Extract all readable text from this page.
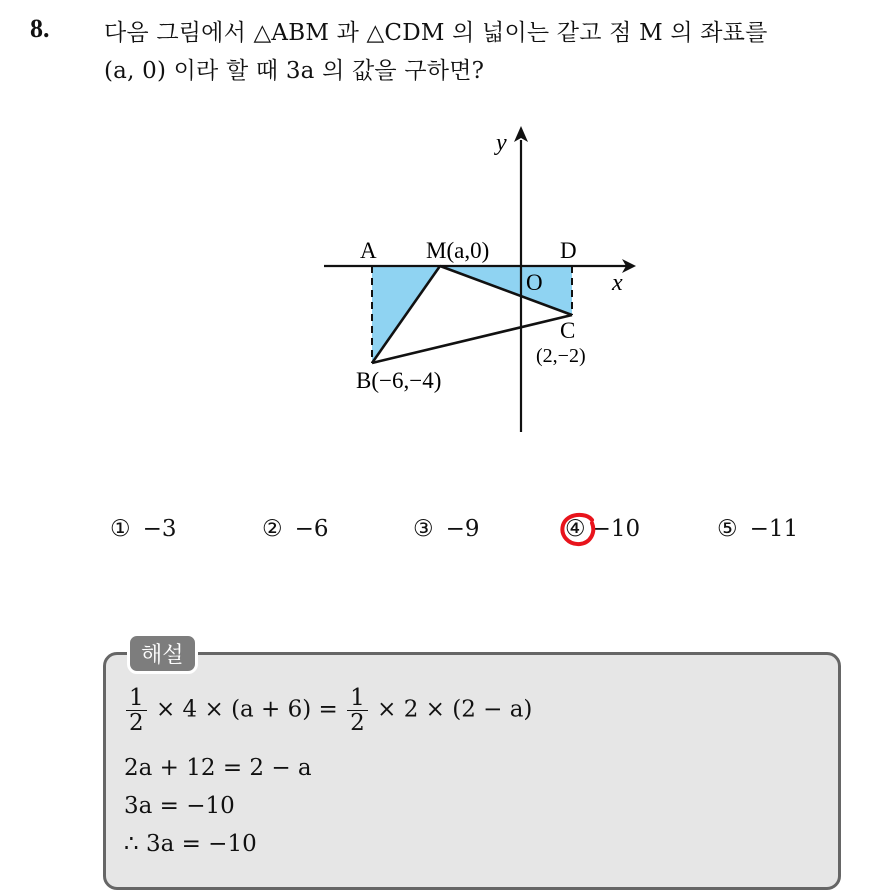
8. 다음 그림에서 △ABM 과 △CDM 의 넓이는 같고 점 M 의 좌표를
(a, 0) 이라 할 때 3a 의 값을 구하면?
y
x
A M(a,0)	D
O
C
(2,−2)
B(−6,−4)
① −3	② −6	③ −9	④ −10	⑤ −11
해설
$\frac{1}{2} \times 4 \times (a + 6) = \frac{1}{2} \times 2 \times (2 - a)$
2a + 12 = 2 − a
3a = −10
∴ 3a = −10
